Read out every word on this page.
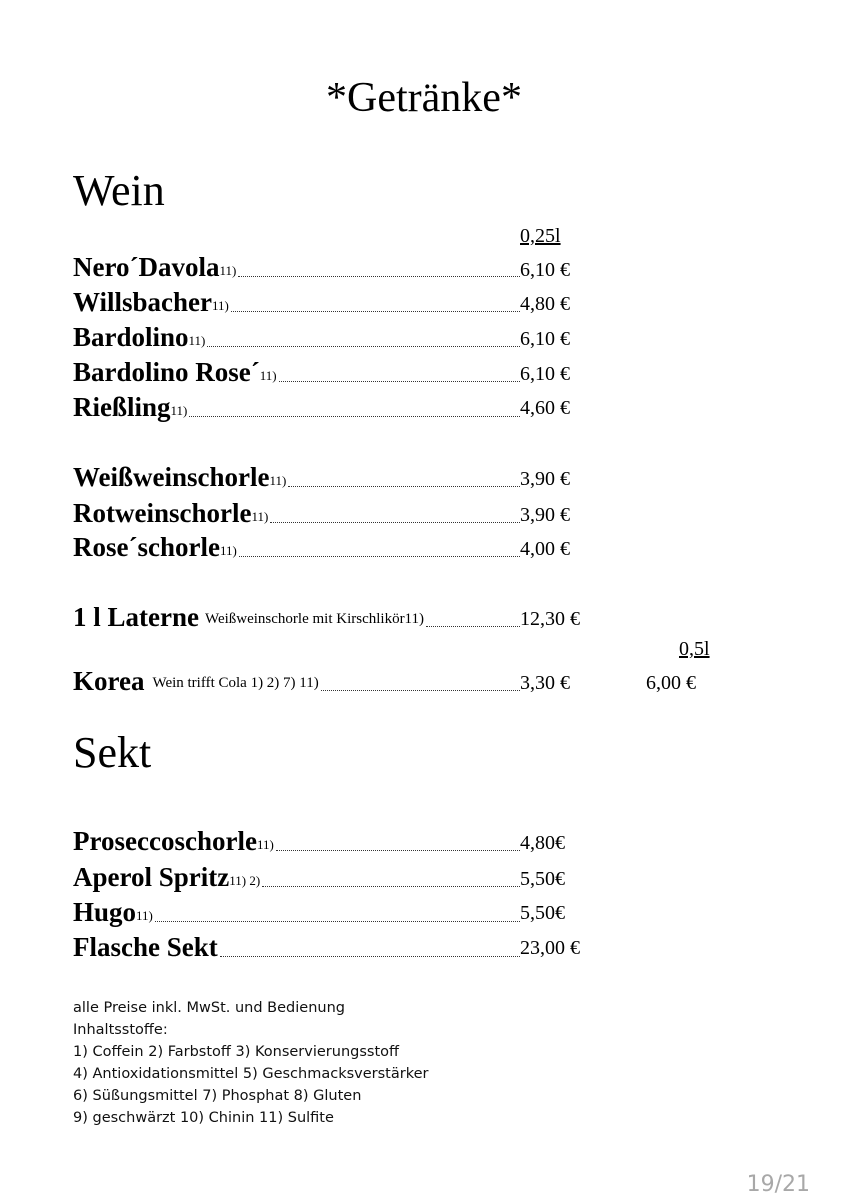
*Getränke*
Wein
0,25l
Nero´Davola 11)	6,10 €
Willsbacher 11)	4,80 €
Bardolino 11)	6,10 €
Bardolino Rose´ 11)	6,10 €
Rießling 11)	4,60 €
Weißweinschorle 11)	3,90 €
Rotweinschorle 11)	3,90 €
Rose´schorle 11)	4,00 €
1 l Laterne Weißweinschorle mit Kirschlikör11)	12,30 €
0,5l
Korea Wein trifft Cola 1) 2) 7) 11)	3,30 €	6,00 €
Sekt
Proseccoschorle 11)	4,80€
Aperol Spritz 11) 2)	5,50€
Hugo 11)	5,50€
Flasche Sekt	23,00 €
alle Preise inkl. MwSt. und Bedienung
Inhaltsstoffe:
1) Coffein 2) Farbstoff 3) Konservierungsstoff
4) Antioxidationsmittel 5) Geschmacksverstärker
6) Süßungsmittel 7) Phosphat 8) Gluten
9) geschwärzt 10) Chinin 11) Sulfite
19/21
